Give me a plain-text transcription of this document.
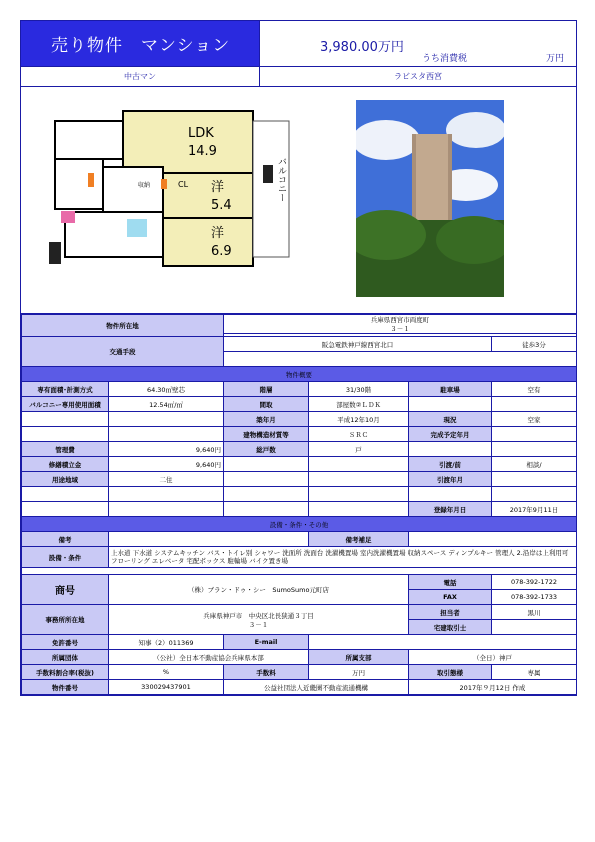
売り物件　マンション	3,980.00万円
うち消費税	万円
中古マン	ラビスタ西宮
LDK
14.9
洋
5.4
洋
6.9
CL
収納	バルコニー
物件所在地		兵庫県西宮市両度町
３－１			

交通手段		阪急電鉄神戸線西宮北口			徒歩3分

物件概要					
専有面積･計測方式	64.30㎡壁芯	階層	31/30階	駐車場	空有
バルコニー専用使用面積	12.54㎡/㎡	間取	部屋数②ＬＤＫ		
		築年月	平成12年10月	現況	空家
		建物構造材質等	ＳＲＣ	完成予定年月	
管理費	9,640円	総戸数	戸		
修繕積立金	9,640円			引渡/前	相談/
用途地域	二住			引渡年月	

				登録年月日	2017年9月11日
設備・条件・その他					
備考			備考補足		
設備・条件	上水道 下水道 システムキッチン バス・トイレ別 シャワー 洗面所 洗面台 洗濯機置場 室内洗濯機置場 収納スペース ディンプルキー 管理人 2.沿岸は上利用可 フローリング エレベータ 宅配ボックス 駐輪場 バイク置き場				

商号	（株）ブラン・ドゥ・シー　SumoSumo元町店			電話	078-392-1722
				FAX	078-392-1733
事務所所在地	兵庫県神戸市　中央区北長狭通３丁目
３－１			担当者	黒川
				宅建取引士	
免許番号	知事（2）011369	E-mail			
所属団体	（公社）全日本不動産協会兵庫県本部		所属支部	（全日）神戸	
手数料割合率(税抜)	%	手数料	万円	取引態様	専属
物件番号	330029437901	公益社団法人近畿圏不動産流通機構		2017年９月12日 作成	
